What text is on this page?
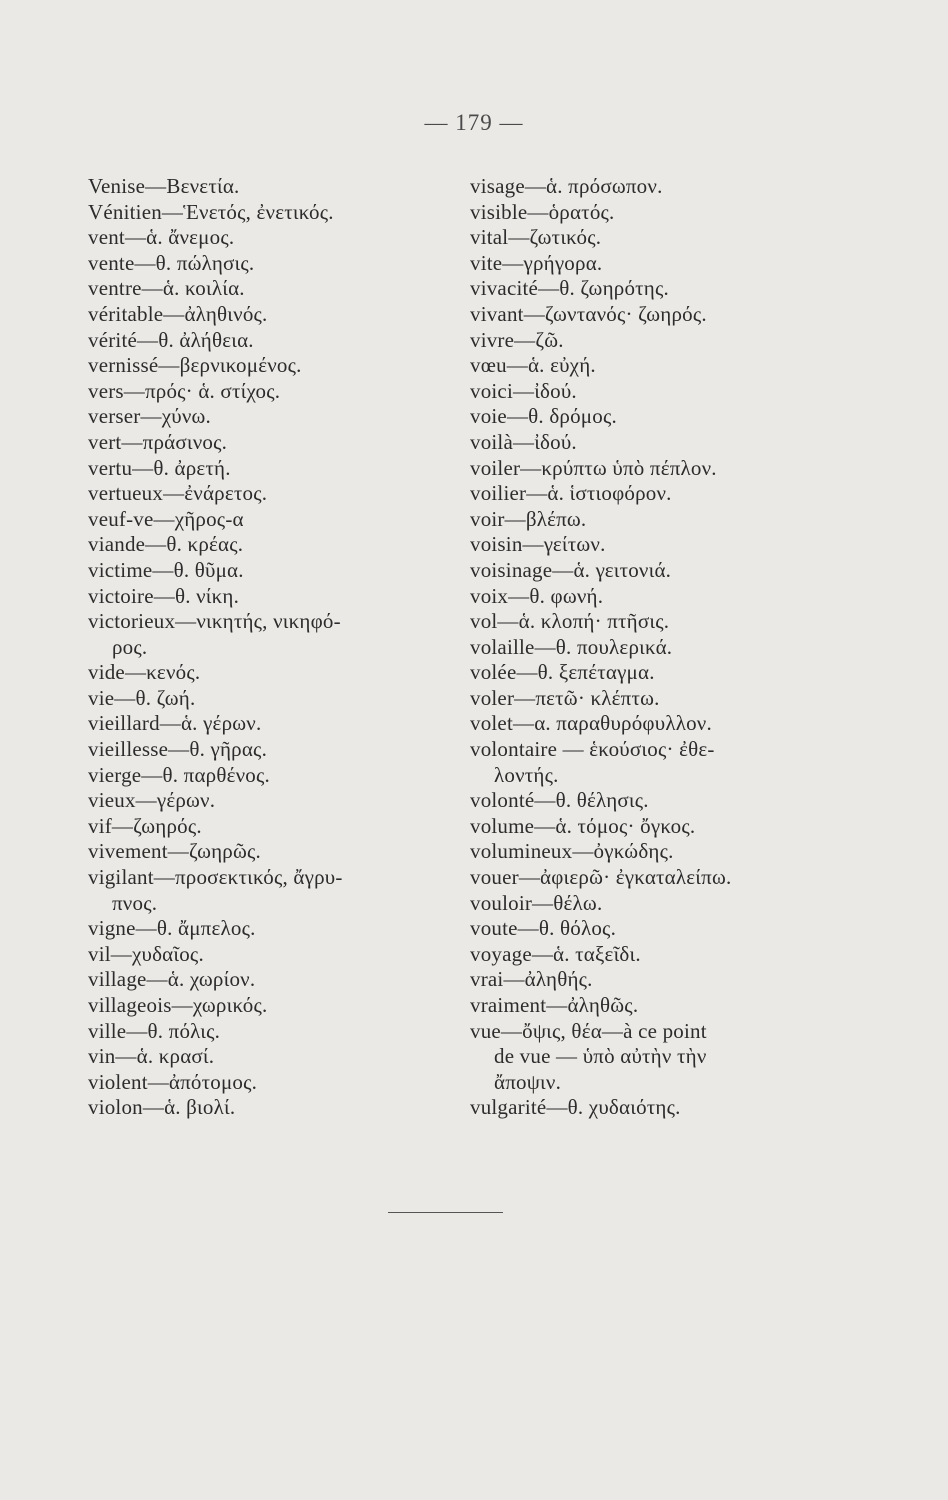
— 179 —
Venise—Βενετία.
Vénitien—Ἑνετός, ἐνετικός.
vent—ἁ. ἄνεμος.
vente—θ. πώλησις.
ventre—ἁ. κοιλία.
véritable—ἀληθινός.
vérité—θ. ἀλήθεια.
vernissé—βερνικομένος.
vers—πρός· ἁ. στίχος.
verser—χύνω.
vert—πράσινος.
vertu—θ. ἀρετή.
vertueux—ἐνάρετος.
veuf-ve—χῆρος-α
viande—θ. κρέας.
victime—θ. θῦμα.
victoire—θ. νίκη.
victorieux—νικητής, νικηφό-
ρος.
vide—κενός.
vie—θ. ζωή.
vieillard—ἁ. γέρων.
vieillesse—θ. γῆρας.
vierge—θ. παρθένος.
vieux—γέρων.
vif—ζωηρός.
vivement—ζωηρῶς.
vigilant—προσεκτικός, ἄγρυ-
πνος.
vigne—θ. ἄμπελος.
vil—χυδαῖος.
village—ἁ. χωρίον.
villageois—χωρικός.
ville—θ. πόλις.
vin—ἁ. κρασί.
violent—ἀπότομος.
violon—ἁ. βιολί.
visage—ἁ. πρόσωπον.
visible—ὁρατός.
vital—ζωτικός.
vite—γρήγορα.
vivacité—θ. ζωηρότης.
vivant—ζωντανός· ζωηρός.
vivre—ζῶ.
vœu—ἁ. εὐχή.
voici—ἰδού.
voie—θ. δρόμος.
voilà—ἰδού.
voiler—κρύπτω ὑπὸ πέπλον.
voilier—ἁ. ἱστιοφόρον.
voir—βλέπω.
voisin—γείτων.
voisinage—ἁ. γειτονιά.
voix—θ. φωνή.
vol—ἁ. κλοπή· πτῆσις.
volaille—θ. πουλερικά.
volée—θ. ξεπέταγμα.
voler—πετῶ· κλέπτω.
volet—α. παραθυρόφυλλον.
volontaire — ἑκούσιος· ἐθε-
λοντής.
volonté—θ. θέλησις.
volume—ἁ. τόμος· ὄγκος.
volumineux—ὀγκώδης.
vouer—ἀφιερῶ· ἐγκαταλείπω.
vouloir—θέλω.
voute—θ. θόλος.
voyage—ἁ. ταξεῖδι.
vrai—ἀληθής.
vraiment—ἀληθῶς.
vue—ὄψις, θέα—à ce point
de vue — ὑπὸ αὐτὴν τὴν
ἄποψιν.
vulgarité—θ. χυδαιότης.
